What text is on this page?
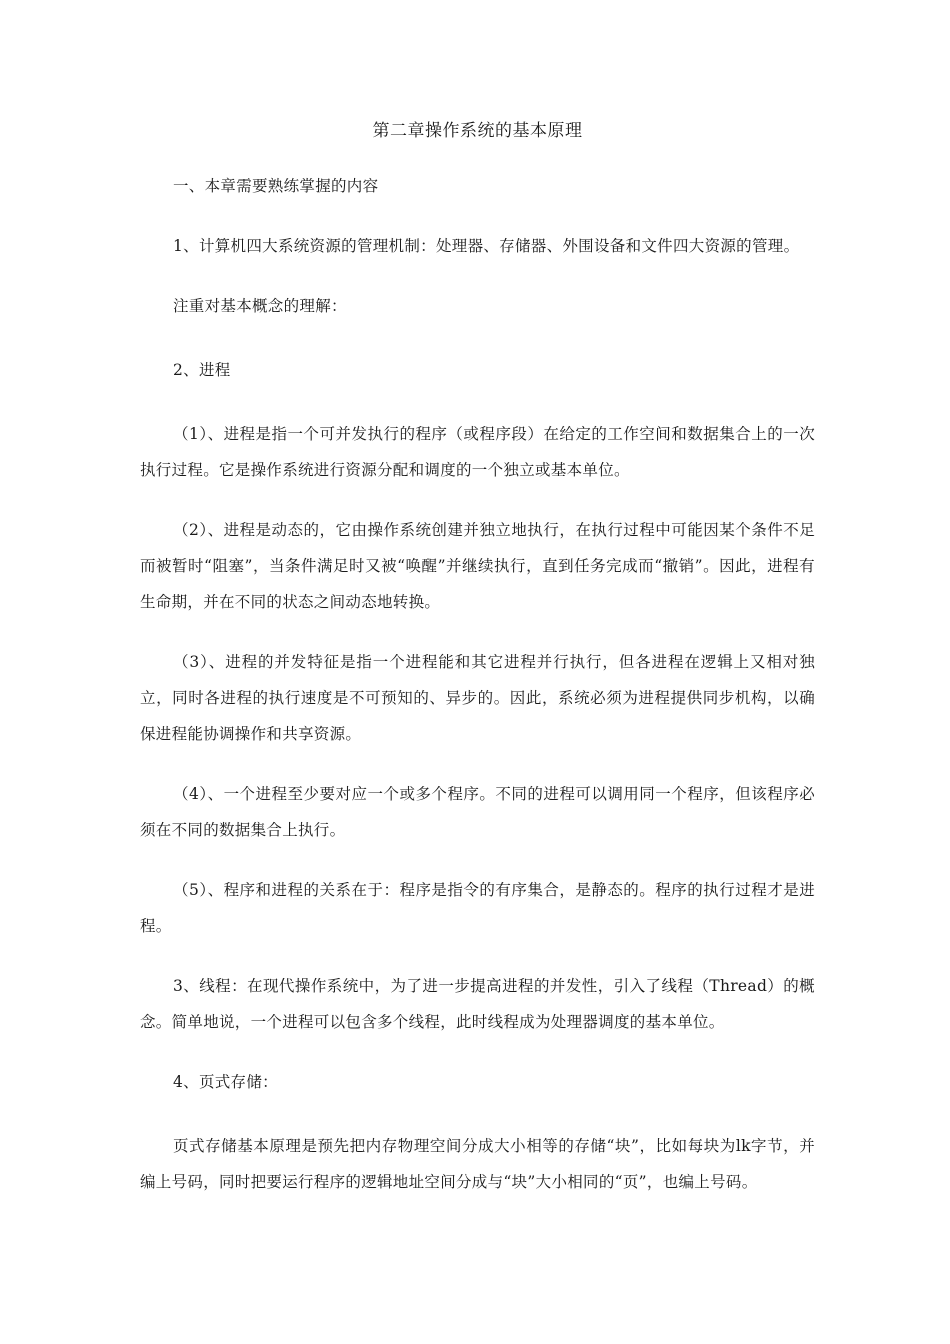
第二章操作系统的基本原理

一、本章需要熟练掌握的内容

1、计算机四大系统资源的管理机制：处理器、存储器、外围设备和文件四大资源的管理。

注重对基本概念的理解：

2、进程

（1）、进程是指一个可并发执行的程序（或程序段）在给定的工作空间和数据集合上的一次执行过程。它是操作系统进行资源分配和调度的一个独立或基本单位。

（2）、进程是动态的，它由操作系统创建并独立地执行，在执行过程中可能因某个条件不足而被暂时“阻塞”，当条件满足时又被“唤醒”并继续执行，直到任务完成而“撤销”。因此，进程有生命期，并在不同的状态之间动态地转换。

（3）、进程的并发特征是指一个进程能和其它进程并行执行，但各进程在逻辑上又相对独立，同时各进程的执行速度是不可预知的、异步的。因此，系统必须为进程提供同步机构，以确保进程能协调操作和共享资源。

（4）、一个进程至少要对应一个或多个程序。不同的进程可以调用同一个程序，但该程序必须在不同的数据集合上执行。

（5）、程序和进程的关系在于：程序是指令的有序集合，是静态的。程序的执行过程才是进程。

3、线程：在现代操作系统中，为了进一步提高进程的并发性，引入了线程（Thread）的概念。简单地说，一个进程可以包含多个线程，此时线程成为处理器调度的基本单位。

4、页式存储：

页式存储基本原理是预先把内存物理空间分成大小相等的存储“块”，比如每块为lk字节，并编上号码，同时把要运行程序的逻辑地址空间分成与“块”大小相同的“页”，也编上号码。
